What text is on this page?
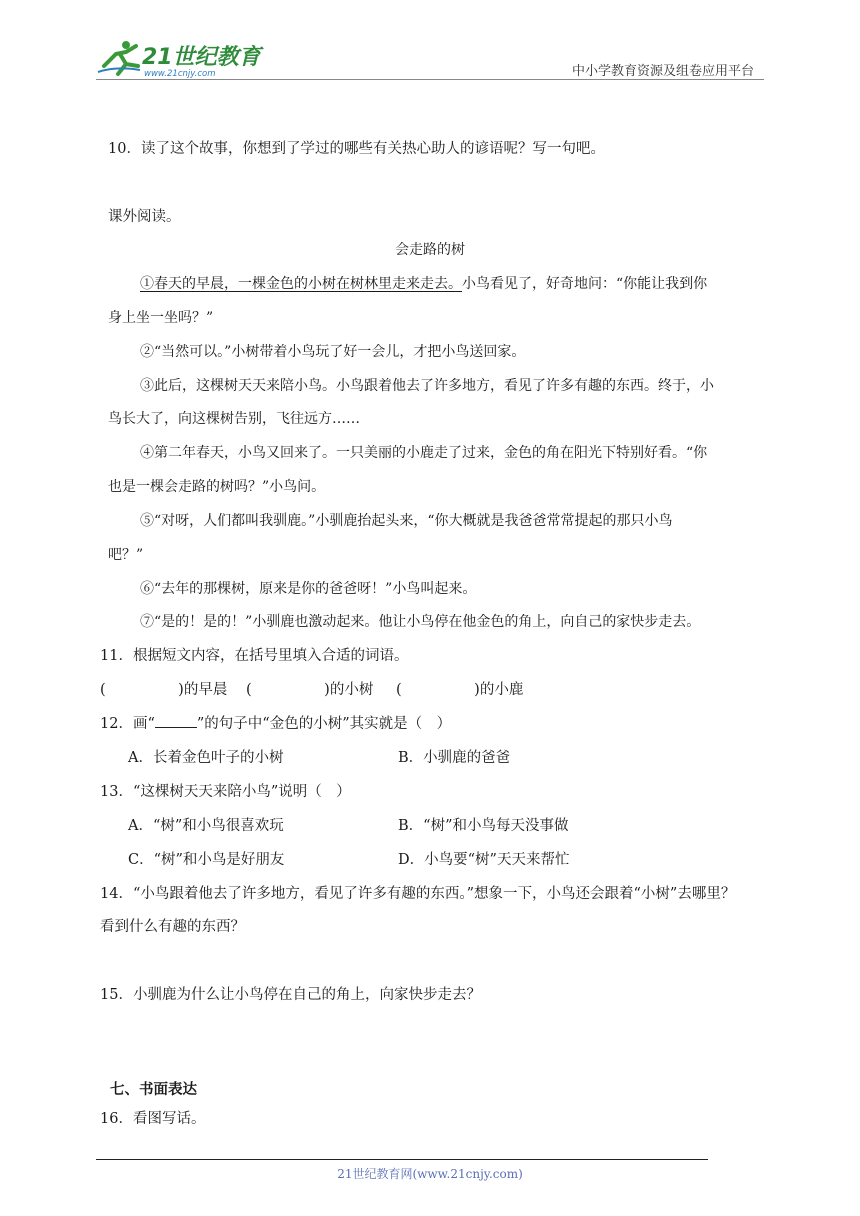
21世纪教育
www.21cnjy.com	中小学教育资源及组卷应用平台
10．读了这个故事，你想到了学过的哪些有关热心助人的谚语呢？写一句吧。
课外阅读。
会走路的树
①春天的早晨，一棵金色的小树在树林里走来走去。小鸟看见了，好奇地问：“你能让我到你
身上坐一坐吗？”
②“当然可以。”小树带着小鸟玩了好一会儿，才把小鸟送回家。
③此后，这棵树天天来陪小鸟。小鸟跟着他去了许多地方，看见了许多有趣的东西。终于，小
鸟长大了，向这棵树告别，飞往远方……
④第二年春天，小鸟又回来了。一只美丽的小鹿走了过来，金色的角在阳光下特别好看。“你
也是一棵会走路的树吗？”小鸟问。
⑤“对呀，人们都叫我驯鹿。”小驯鹿抬起头来，“你大概就是我爸爸常常提起的那只小鸟
吧？”
⑥“去年的那棵树，原来是你的爸爸呀！”小鸟叫起来。
⑦“是的！是的！”小驯鹿也激动起来。他让小鸟停在他金色的角上，向自己的家快步走去。
11．根据短文内容，在括号里填入合适的词语。
(　　　　　)的早晨 (　　　　　)的小树 (　　　　　)的小鹿
12．画“	”的句子中“金色的小树”其实就是（　）
A．长着金色叶子的小树	B．小驯鹿的爸爸
13．“这棵树天天来陪小鸟”说明（　）
A．“树”和小鸟很喜欢玩	B．“树”和小鸟每天没事做
C．“树”和小鸟是好朋友	D．小鸟要“树”天天来帮忙
14．“小鸟跟着他去了许多地方，看见了许多有趣的东西。”想象一下，小鸟还会跟着“小树”去哪里？
看到什么有趣的东西？
15．小驯鹿为什么让小鸟停在自己的角上，向家快步走去？
七、书面表达
16．看图写话。
21世纪教育网(www.21cnjy.com)
